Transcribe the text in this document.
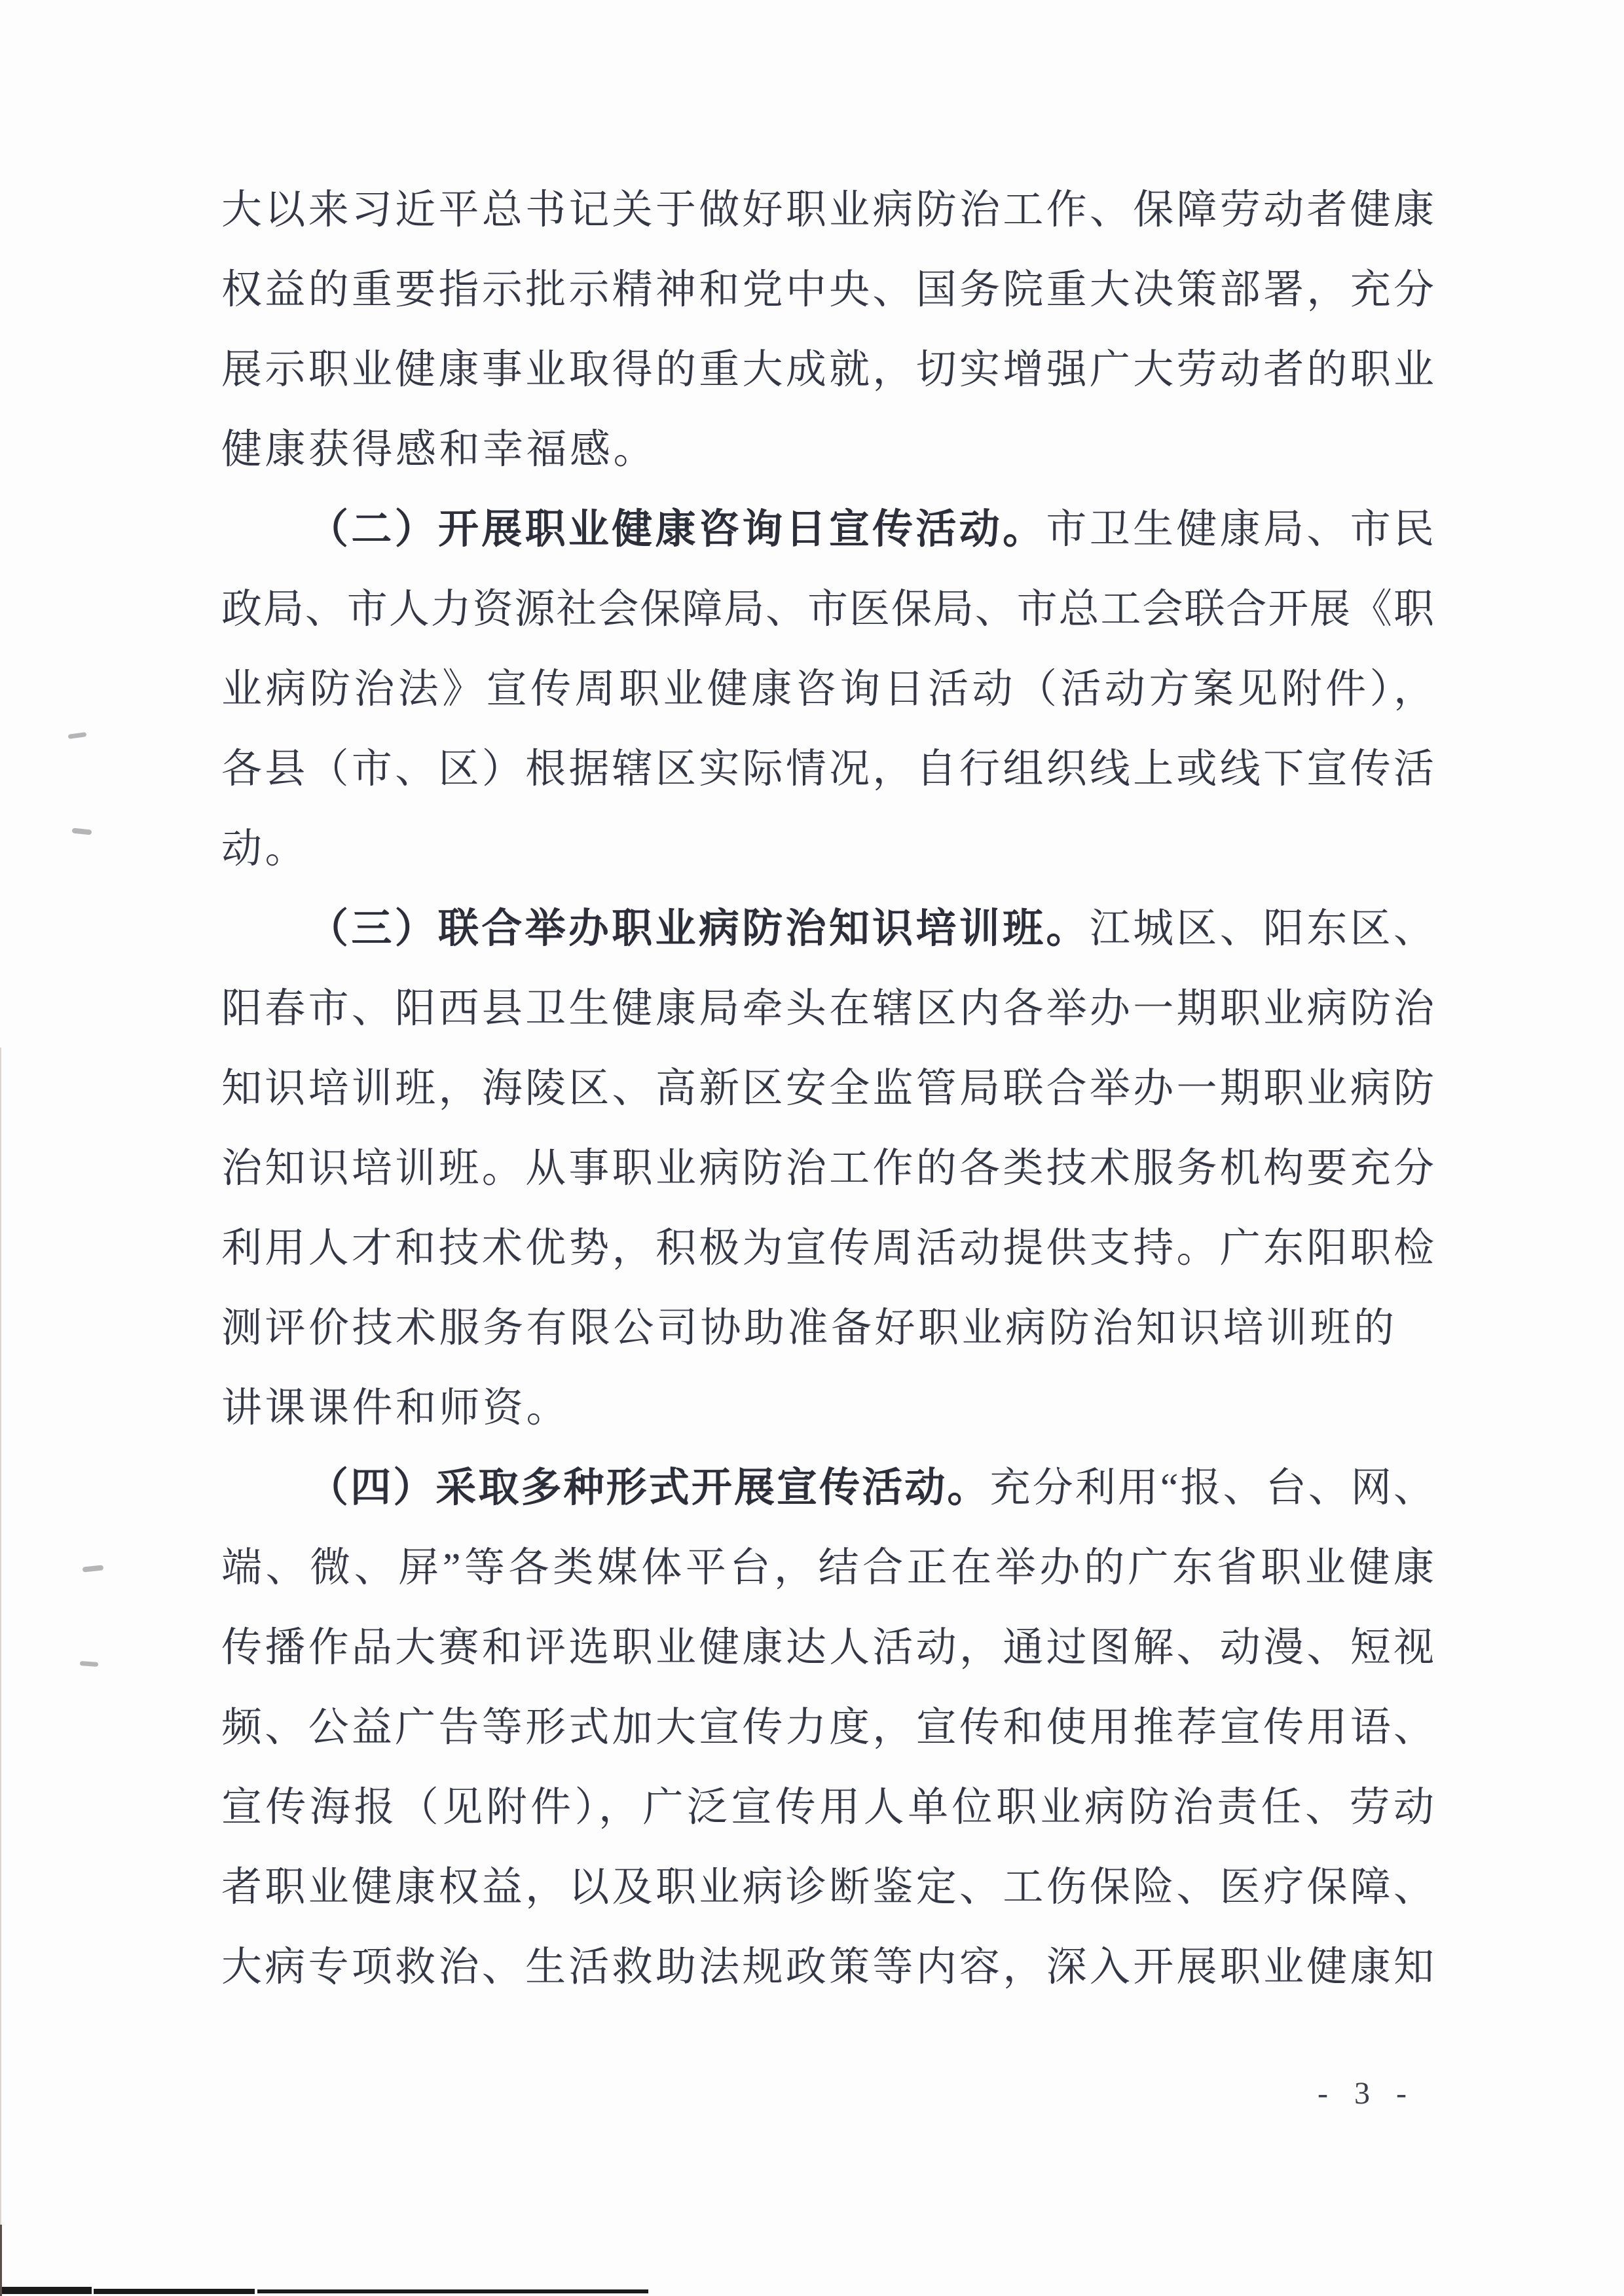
大以来习近平总书记关于做好职业病防治工作、保障劳动者健康
权益的重要指示批示精神和党中央、国务院重大决策部署，充分
展示职业健康事业取得的重大成就，切实增强广大劳动者的职业
健康获得感和幸福感。
（二）开展职业健康咨询日宣传活动。市卫生健康局、市民
政局、市人力资源社会保障局、市医保局、市总工会联合开展《职
业病防治法》宣传周职业健康咨询日活动（活动方案见附件），
各县（市、区）根据辖区实际情况，自行组织线上或线下宣传活
动。
（三）联合举办职业病防治知识培训班。江城区、阳东区、
阳春市、阳西县卫生健康局牵头在辖区内各举办一期职业病防治
知识培训班，海陵区、高新区安全监管局联合举办一期职业病防
治知识培训班。从事职业病防治工作的各类技术服务机构要充分
利用人才和技术优势，积极为宣传周活动提供支持。广东阳职检
测评价技术服务有限公司协助准备好职业病防治知识培训班的
讲课课件和师资。
（四）采取多种形式开展宣传活动。充分利用“报、台、网、
端、微、屏”等各类媒体平台，结合正在举办的广东省职业健康
传播作品大赛和评选职业健康达人活动，通过图解、动漫、短视
频、公益广告等形式加大宣传力度，宣传和使用推荐宣传用语、
宣传海报（见附件），广泛宣传用人单位职业病防治责任、劳动
者职业健康权益，以及职业病诊断鉴定、工伤保险、医疗保障、
大病专项救治、生活救助法规政策等内容，深入开展职业健康知
- 3 -
